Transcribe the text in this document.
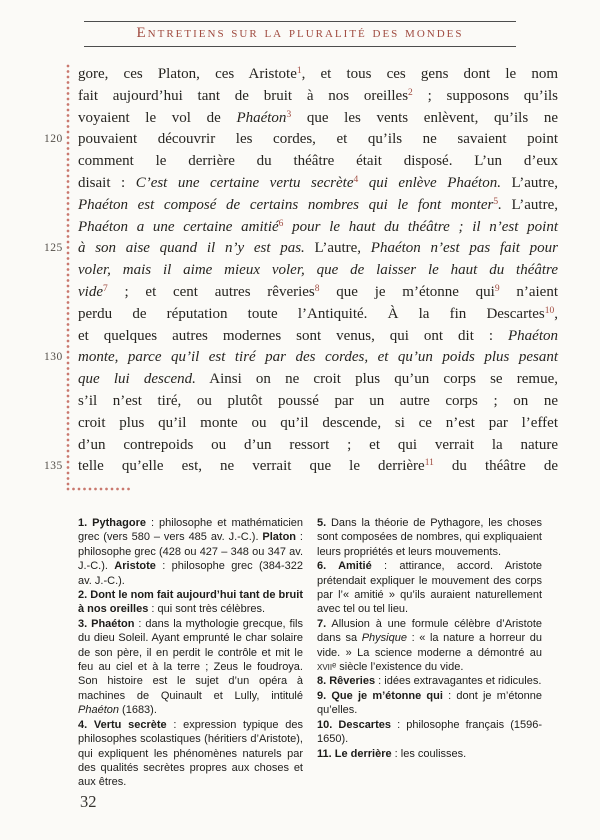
Entretiens sur la pluralité des mondes
gore, ces Platon, ces Aristote$^1$, et tous ces gens dont le nom
fait aujourd’hui tant de bruit à nos oreilles$^2$ ; supposons qu’ils
voyaient le vol de Phaéton$^3$ que les vents enlèvent, qu’ils ne
120 pouvaient découvrir les cordes, et qu’ils ne savaient point
comment le derrière du théâtre était disposé. L’un d’eux
disait : C’est une certaine vertu secrète$^4$ qui enlève Phaéton. L’autre,
Phaéton est composé de certains nombres qui le font monter$^5$. L’autre,
Phaéton a une certaine amitié$^6$ pour le haut du théâtre ; il n’est point
125 à son aise quand il n’y est pas. L’autre, Phaéton n’est pas fait pour
voler, mais il aime mieux voler, que de laisser le haut du théâtre
vide$^7$ ; et cent autres rêveries$^8$ que je m’étonne qui$^9$ n’aient
perdu de réputation toute l’Antiquité. À la fin Descartes$^{10}$,
et quelques autres modernes sont venus, qui ont dit : Phaéton
130 monte, parce qu’il est tiré par des cordes, et qu’un poids plus pesant
que lui descend. Ainsi on ne croit plus qu’un corps se remue,
s’il n’est tiré, ou plutôt poussé par un autre corps ; on ne
croit plus qu’il monte ou qu’il descende, si ce n’est par l’effet
d’un contrepoids ou d’un ressort ; et qui verrait la nature
135 telle qu’elle est, ne verrait que le derrière$^{11}$ du théâtre de

1. Pythagore : philosophe et mathématicien grec (vers 580 – vers 485 av. J.-C.). Platon : philosophe grec (428 ou 427 – 348 ou 347 av. J.-C.). Aristote : philosophe grec (384-322 av. J.-C.).

2. Dont le nom fait aujourd’hui tant de bruit à nos oreilles : qui sont très célèbres.

3. Phaéton : dans la mythologie grecque, fils du dieu Soleil. Ayant emprunté le char solaire de son père, il en perdit le contrôle et mit le feu au ciel et à la terre ; Zeus le foudroya. Son histoire est le sujet d’un opéra à machines de Quinault et Lully, intitulé Phaéton (1683).

4. Vertu secrète : expression typique des philosophes scolastiques (héritiers d’Aristote), qui expliquent les phénomènes naturels par des qualités secrètes propres aux choses et aux êtres.

5. Dans la théorie de Pythagore, les choses sont composées de nombres, qui expliquaient leurs propriétés et leurs mouvements.

6. Amitié : attirance, accord. Aristote prétendait expliquer le mouvement des corps par l’« amitié » qu’ils auraient naturellement avec tel ou tel lieu.

7. Allusion à une formule célèbre d’Aristote dans sa Physique : « la nature a horreur du vide. » La science moderne a démontré au xviiᵉ siècle l’existence du vide.

8. Rêveries : idées extravagantes et ridicules.

9. Que je m’étonne qui : dont je m’étonne qu’elles.

10. Descartes : philosophe français (1596-1650).

11. Le derrière : les coulisses.

32
